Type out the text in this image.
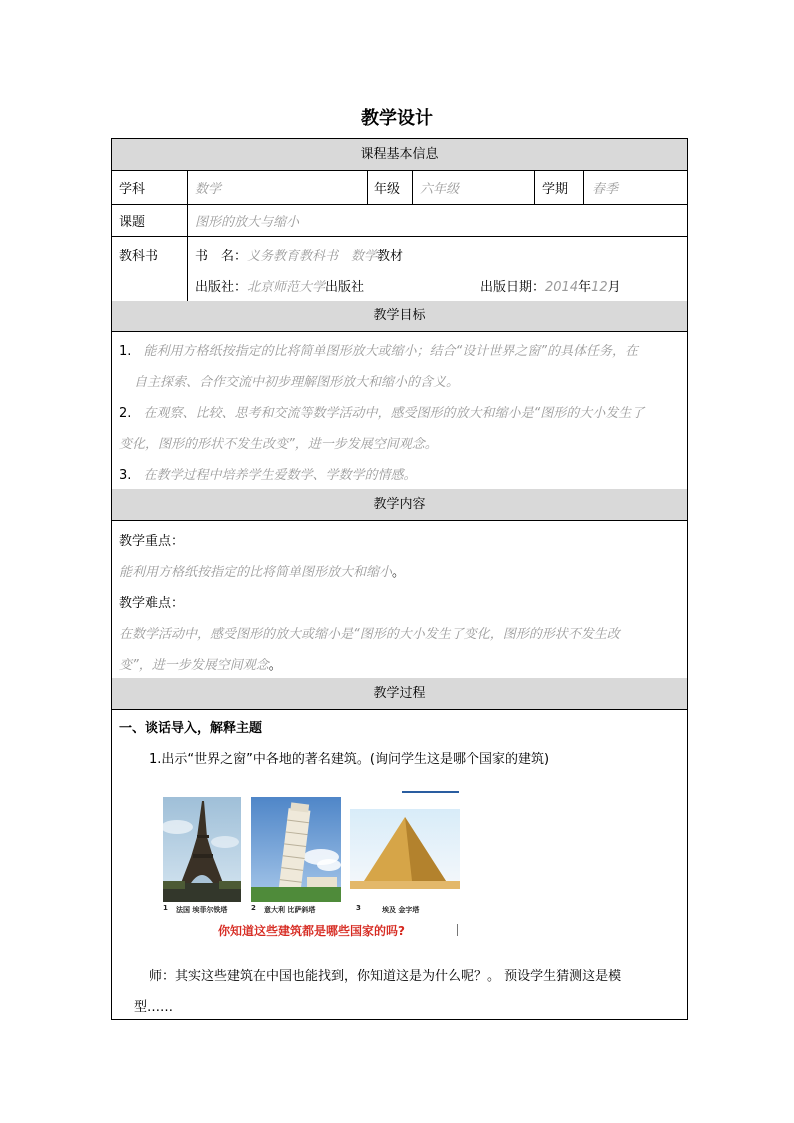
教学设计
课程基本信息
学科	数学	年级 六年级	学期 春季
课题	图形的放大与缩小
教科书	书　名：义务教育教科书　数学教材
出版社：北京师范大学出版社	出版日期：2014年12月
教学目标
1. 能利用方格纸按指定的比将简单图形放大或缩小；结合“设计世界之窗”的具体任务，在
自主探索、合作交流中初步理解图形放大和缩小的含义。
2. 在观察、比较、思考和交流等数学活动中，感受图形的放大和缩小是“图形的大小发生了
变化，图形的形状不发生改变”，进一步发展空间观念。
3. 在教学过程中培养学生爱数学、学数学的情感。
教学内容
教学重点：
能利用方格纸按指定的比将简单图形放大和缩小。
教学难点：
在数学活动中，感受图形的放大或缩小是“图形的大小发生了变化，图形的形状不发生改
变”，进一步发展空间观念。
教学过程
一、谈话导入，解释主题
1.出示“世界之窗”中各地的著名建筑。(询问学生这是哪个国家的建筑)
1 法国 埃菲尔铁塔	2 意大利 比萨斜塔	3	埃及 金字塔
你知道这些建筑都是哪些国家的吗?
师：其实这些建筑在中国也能找到，你知道这是为什么呢？。 预设学生猜测这是模
型……
